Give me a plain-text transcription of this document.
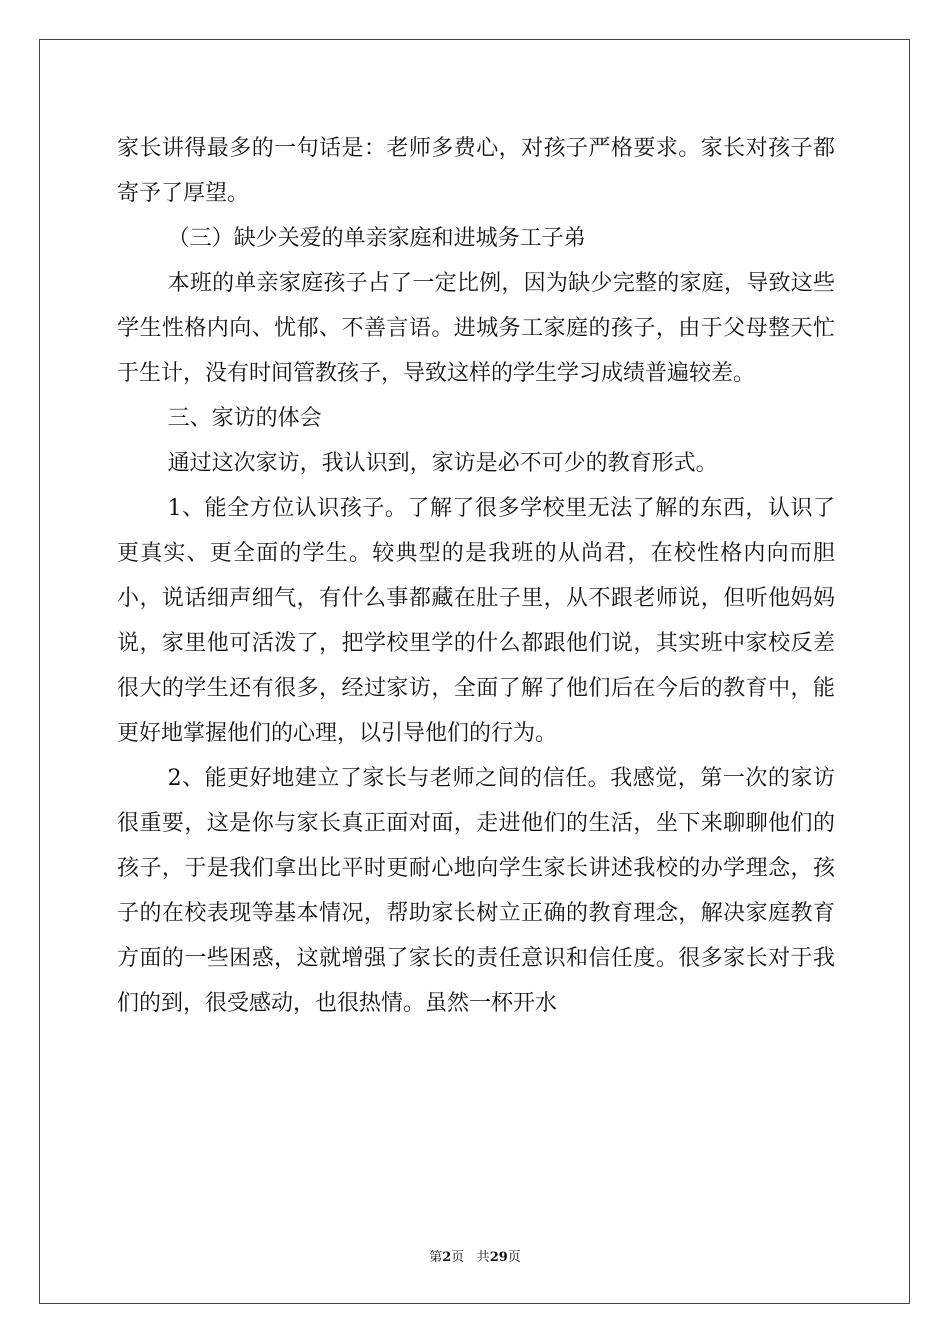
家长讲得最多的一句话是：老师多费心，对孩子严格要求。家长对孩子都寄予了厚望。

（三）缺少关爱的单亲家庭和进城务工子弟

本班的单亲家庭孩子占了一定比例，因为缺少完整的家庭，导致这些学生性格内向、忧郁、不善言语。进城务工家庭的孩子，由于父母整天忙于生计，没有时间管教孩子，导致这样的学生学习成绩普遍较差。

三、家访的体会

通过这次家访，我认识到，家访是必不可少的教育形式。

1、能全方位认识孩子。了解了很多学校里无法了解的东西，认识了更真实、更全面的学生。较典型的是我班的从尚君，在校性格内向而胆小，说话细声细气，有什么事都藏在肚子里，从不跟老师说，但听他妈妈说，家里他可活泼了，把学校里学的什么都跟他们说，其实班中家校反差很大的学生还有很多，经过家访，全面了解了他们后在今后的教育中，能更好地掌握他们的心理，以引导他们的行为。

2、能更好地建立了家长与老师之间的信任。我感觉，第一次的家访很重要，这是你与家长真正面对面，走进他们的生活，坐下来聊聊他们的孩子，于是我们拿出比平时更耐心地向学生家长讲述我校的办学理念，孩子的在校表现等基本情况，帮助家长树立正确的教育理念，解决家庭教育方面的一些困惑，这就增强了家长的责任意识和信任度。很多家长对于我们的到，很受感动，也很热情。虽然一杯开水

第2页 共29页
